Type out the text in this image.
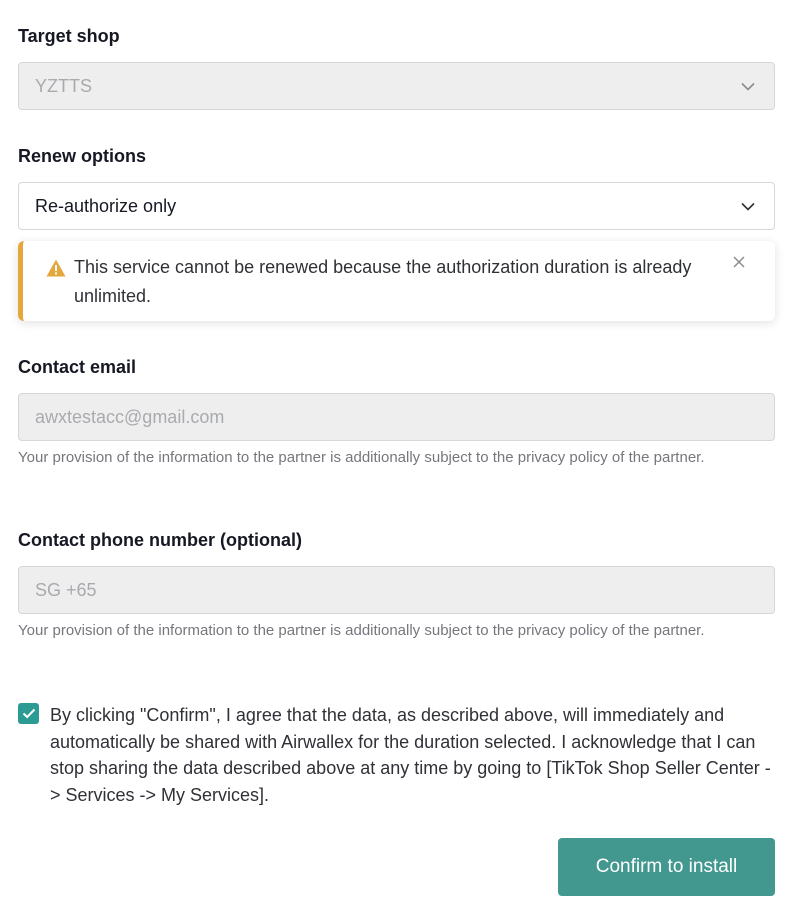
Target shop
YZTTS
Renew options
Re-authorize only
This service cannot be renewed because the authorization duration is already unlimited.
Contact email
awxtestacc@gmail.com
Your provision of the information to the partner is additionally subject to the privacy policy of the partner.
Contact phone number (optional)
SG +65
Your provision of the information to the partner is additionally subject to the privacy policy of the partner.
By clicking "Confirm", I agree that the data, as described above, will immediately and automatically be shared with Airwallex for the duration selected. I acknowledge that I can stop sharing the data described above at any time by going to [TikTok Shop Seller Center -> Services -> My Services].
Confirm to install
